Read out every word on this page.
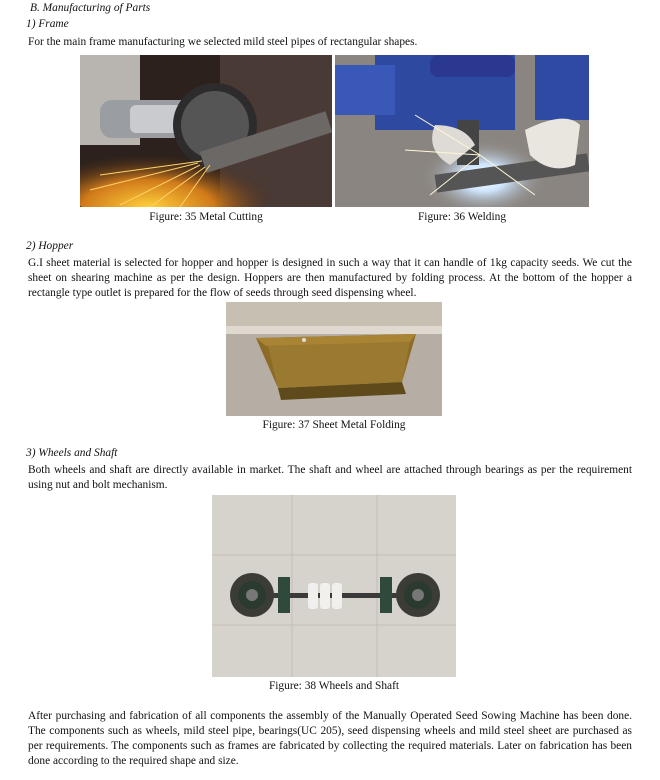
B. Manufacturing of Parts
1) Frame
For the main frame manufacturing we selected mild steel pipes of rectangular shapes.
Figure: 35 Metal Cutting	Figure: 36 Welding
2) Hopper
G.I sheet material is selected for hopper and hopper is designed in such a way that it can handle of 1kg capacity seeds. We cut the sheet on shearing machine as per the design. Hoppers are then manufactured by folding process. At the bottom of the hopper a rectangle type outlet is prepared for the flow of seeds through seed dispensing wheel.
Figure: 37 Sheet Metal Folding
3) Wheels and Shaft
Both wheels and shaft are directly available in market. The shaft and wheel are attached through bearings as per the requirement using nut and bolt mechanism.
Figure: 38 Wheels and Shaft
After purchasing and fabrication of all components the assembly of the Manually Operated Seed Sowing Machine has been done. The components such as wheels, mild steel pipe, bearings(UC 205), seed dispensing wheels and mild steel sheet are purchased as per requirements. The components such as frames are fabricated by collecting the required materials. Later on fabrication has been done according to the required shape and size.
